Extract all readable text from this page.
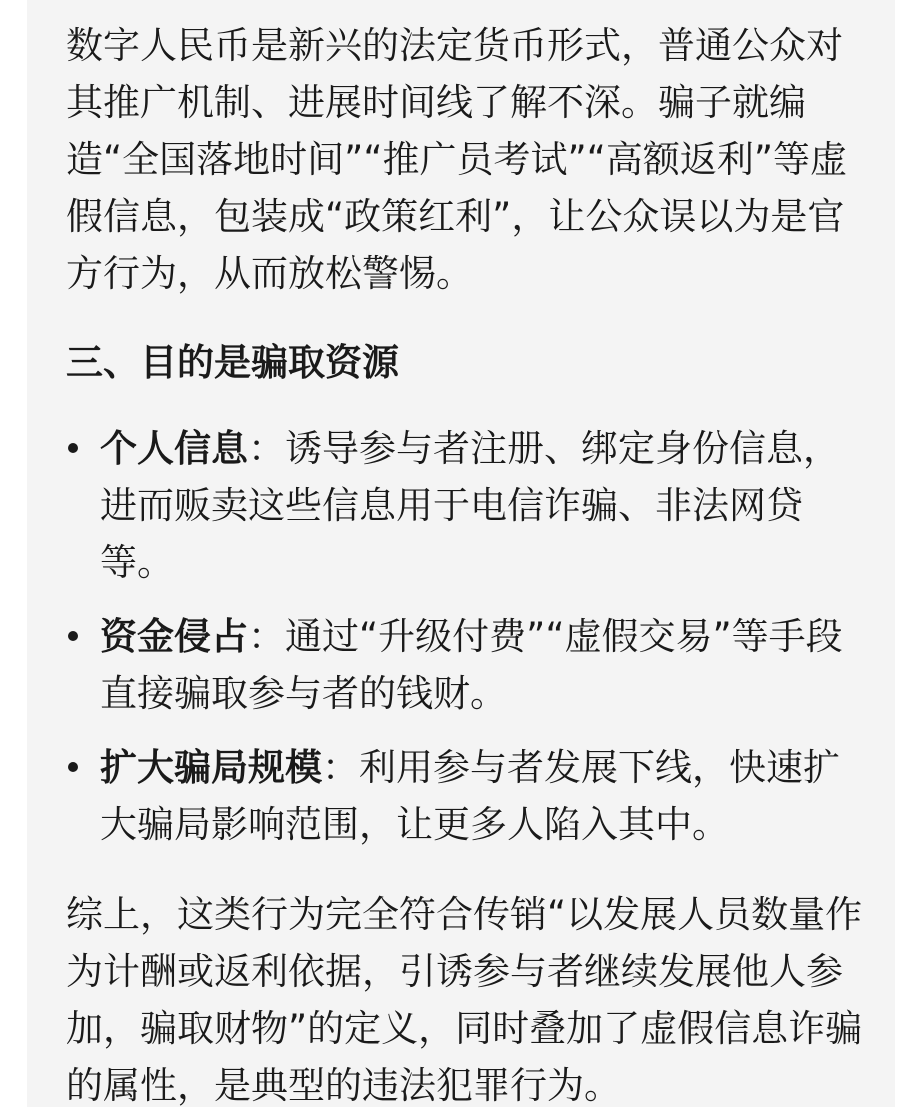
数字人民币是新兴的法定货币形式，普通公众对其推广机制、进展时间线了解不深。骗子就编造“全国落地时间”“推广员考试”“高额返利”等虚假信息，包装成“政策红利”，让公众误以为是官方行为，从而放松警惕。

三、目的是骗取资源
个人信息：诱导参与者注册、绑定身份信息，进而贩卖这些信息用于电信诈骗、非法网贷等。
资金侵占：通过“升级付费”“虚假交易”等手段直接骗取参与者的钱财。
扩大骗局规模：利用参与者发展下线，快速扩大骗局影响范围，让更多人陷入其中。

综上，这类行为完全符合传销“以发展人员数量作为计酬或返利依据，引诱参与者继续发展他人参加，骗取财物”的定义，同时叠加了虚假信息诈骗的属性，是典型的违法犯罪行为。
